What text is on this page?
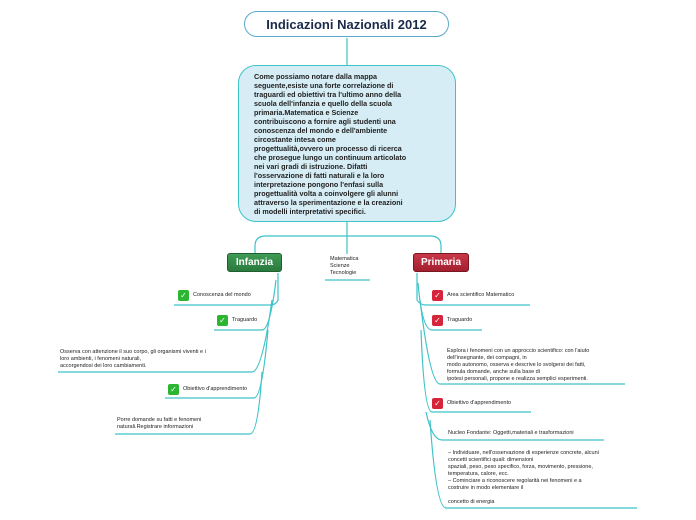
Indicazioni Nazionali 2012
Come possiamo notare dalla mappa
seguente,esiste una forte correlazione di
traguardi ed obiettivi tra l'ultimo anno della
scuola dell'infanzia e quello della scuola
primaria.Matematica e Scienze
contribuiscono a fornire agli studenti una
conoscenza del mondo e dell'ambiente
circostante intesa come
progettualità,ovvero un processo di ricerca
che prosegue lungo un continuum articolato
nei vari gradi di istruzione. Difatti
l'osservazione di fatti naturali e la loro
interpretazione pongono l'enfasi sulla
progettualità volta a coinvolgere gli alunni
attraverso la sperimentazione e la creazioni
di modelli interpretativi specifici.
Matematica
Scienze
Tecnologie
Infanzia
✓	Conoscenza del mondo
✓	Traguardo
Osserva con attenzione il suo corpo, gli organismi viventi e i
loro ambienti, i fenomeni naturali,
accorgendosi dei loro cambiamenti.
✓	Obiettivo d'apprendimento
Porre domande su fatti e fenomeni
naturali.Registrare informazioni
Primaria
✓	Area scientifico Matematico
✓	Traguardo
Esplora i fenomeni con un approccio scientifico: con l'aiuto
dell'insegnante, dei compagni, in
modo autonomo, osserva e descrive lo svolgersi dei fatti,
formula domande, anche sulla base di
ipotesi personali, propone e realizza semplici esperimenti.
✓	Obiettivo d'apprendimento
Nucleo Fondante: Oggetti,materiali e trasformazioni
– Individuare, nell'osservazione di esperienze concrete, alcuni
concetti scientifici quali: dimensioni
spaziali, peso, peso specifico, forza, movimento, pressione,
temperatura, calore, ecc.
– Cominciare a riconoscere regolarità nei fenomeni e a
costruire in modo elementare il
concetto di energia
